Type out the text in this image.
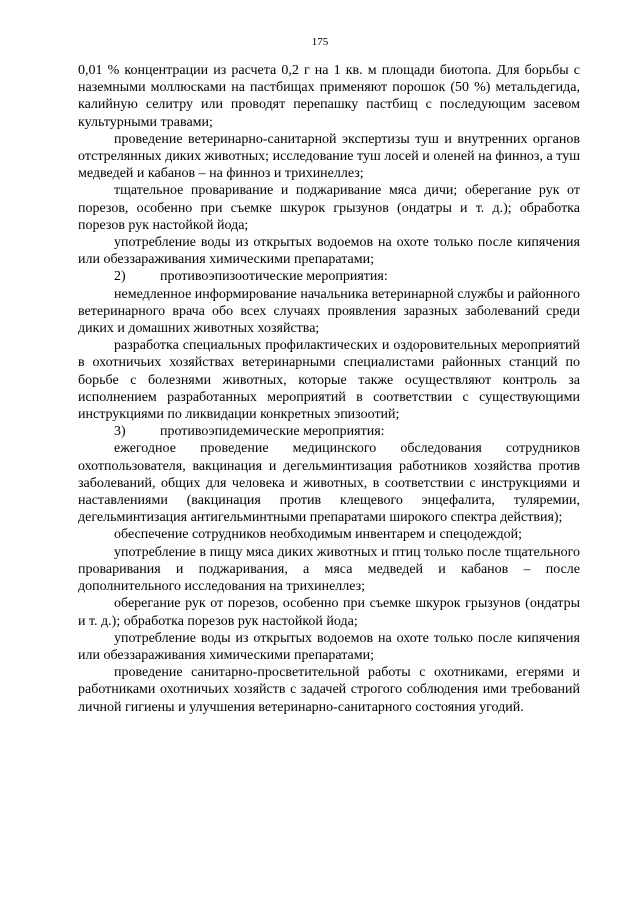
175

0,01 % концентрации из расчета 0,2 г на 1 кв. м площади биотопа. Для борьбы с наземными моллюсками на пастбищах применяют порошок (50 %) метальдегида, калийную селитру или проводят перепашку пастбищ с последующим засевом культурными травами;

проведение ветеринарно-санитарной экспертизы туш и внутренних органов отстрелянных диких животных; исследование туш лосей и оленей на финноз, а туш медведей и кабанов – на финноз и трихинеллез;

тщательное проваривание и поджаривание мяса дичи; оберегание рук от порезов, особенно при съемке шкурок грызунов (ондатры и т. д.); обработка порезов рук настойкой йода;

употребление воды из открытых водоемов на охоте только после кипячения или обеззараживания химическими препаратами;

2)	противоэпизоотические мероприятия:

немедленное информирование начальника ветеринарной службы и районного ветеринарного врача обо всех случаях проявления заразных заболеваний среди диких и домашних животных хозяйства;

разработка специальных профилактических и оздоровительных мероприятий в охотничьих хозяйствах ветеринарными специалистами районных станций по борьбе с болезнями животных, которые также осуществляют контроль за исполнением разработанных мероприятий в соответствии с существующими инструкциями по ликвидации конкретных эпизоотий;

3)	противоэпидемические мероприятия:

ежегодное проведение медицинского обследования сотрудников охотпользователя, вакцинация и дегельминтизация работников хозяйства против заболеваний, общих для человека и животных, в соответствии с инструкциями и наставлениями (вакцинация против клещевого энцефалита, туляремии, дегельминтизация антигельминтными препаратами широкого спектра действия);

обеспечение сотрудников необходимым инвентарем и спецодеждой;

употребление в пищу мяса диких животных и птиц только после тщательного проваривания и поджаривания, а мяса медведей и кабанов – после дополнительного исследования на трихинеллез;

оберегание рук от порезов, особенно при съемке шкурок грызунов (ондатры и т. д.); обработка порезов рук настойкой йода;

употребление воды из открытых водоемов на охоте только после кипячения или обеззараживания химическими препаратами;

проведение санитарно-просветительной работы с охотниками, егерями и работниками охотничьих хозяйств с задачей строгого соблюдения ими требований личной гигиены и улучшения ветеринарно-санитарного состояния угодий.
